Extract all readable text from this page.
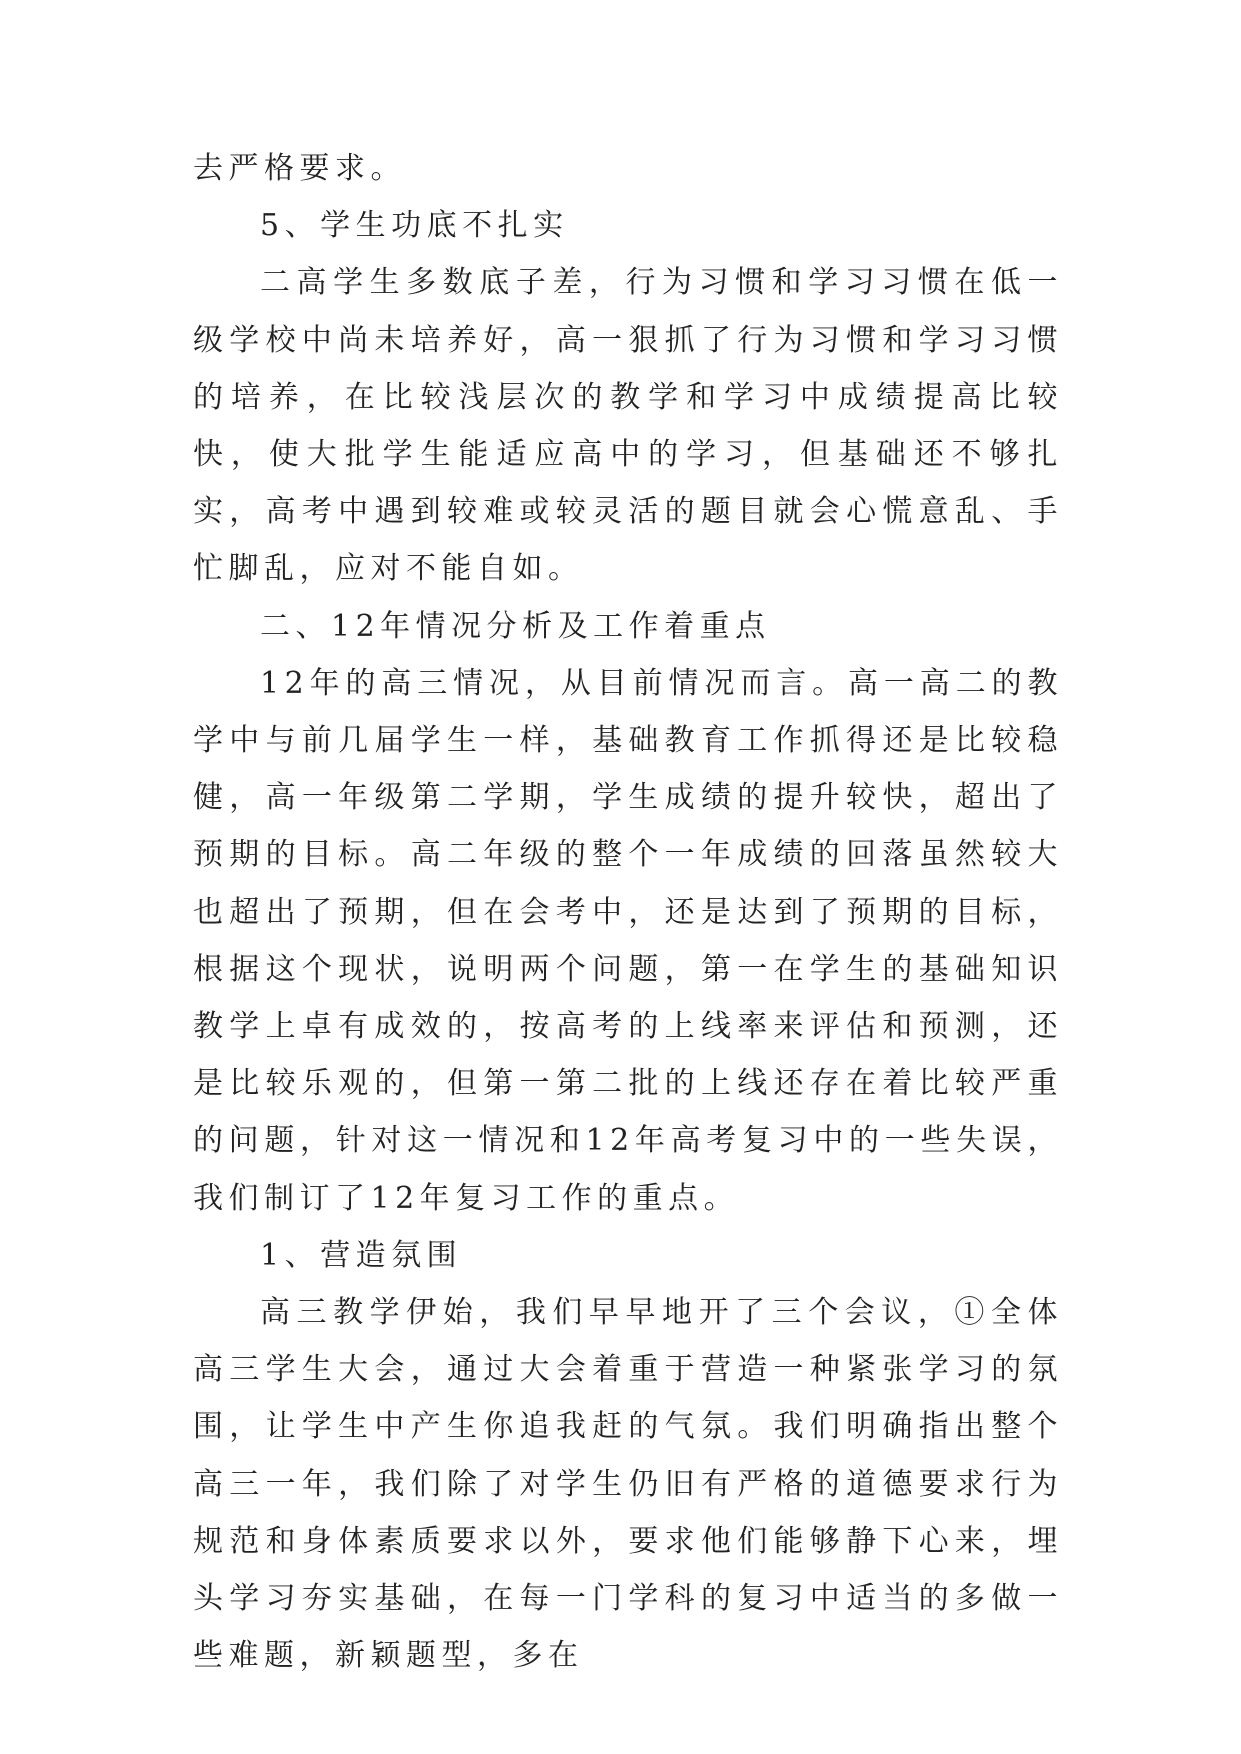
去严格要求。

5、学生功底不扎实

二高学生多数底子差，行为习惯和学习习惯在低一级学校中尚未培养好，高一狠抓了行为习惯和学习习惯的培养，在比较浅层次的教学和学习中成绩提高比较快，使大批学生能适应高中的学习，但基础还不够扎实，高考中遇到较难或较灵活的题目就会心慌意乱、手忙脚乱，应对不能自如。

二、12年情况分析及工作着重点

12年的高三情况，从目前情况而言。高一高二的教学中与前几届学生一样，基础教育工作抓得还是比较稳健，高一年级第二学期，学生成绩的提升较快，超出了预期的目标。高二年级的整个一年成绩的回落虽然较大也超出了预期，但在会考中，还是达到了预期的目标，根据这个现状，说明两个问题，第一在学生的基础知识教学上卓有成效的，按高考的上线率来评估和预测，还是比较乐观的，但第一第二批的上线还存在着比较严重的问题，针对这一情况和12年高考复习中的一些失误，我们制订了12年复习工作的重点。

1、营造氛围

高三教学伊始，我们早早地开了三个会议，①全体高三学生大会，通过大会着重于营造一种紧张学习的氛围，让学生中产生你追我赶的气氛。我们明确指出整个高三一年，我们除了对学生仍旧有严格的道德要求行为规范和身体素质要求以外，要求他们能够静下心来，埋头学习夯实基础，在每一门学科的复习中适当的多做一些难题，新颖题型，多在
